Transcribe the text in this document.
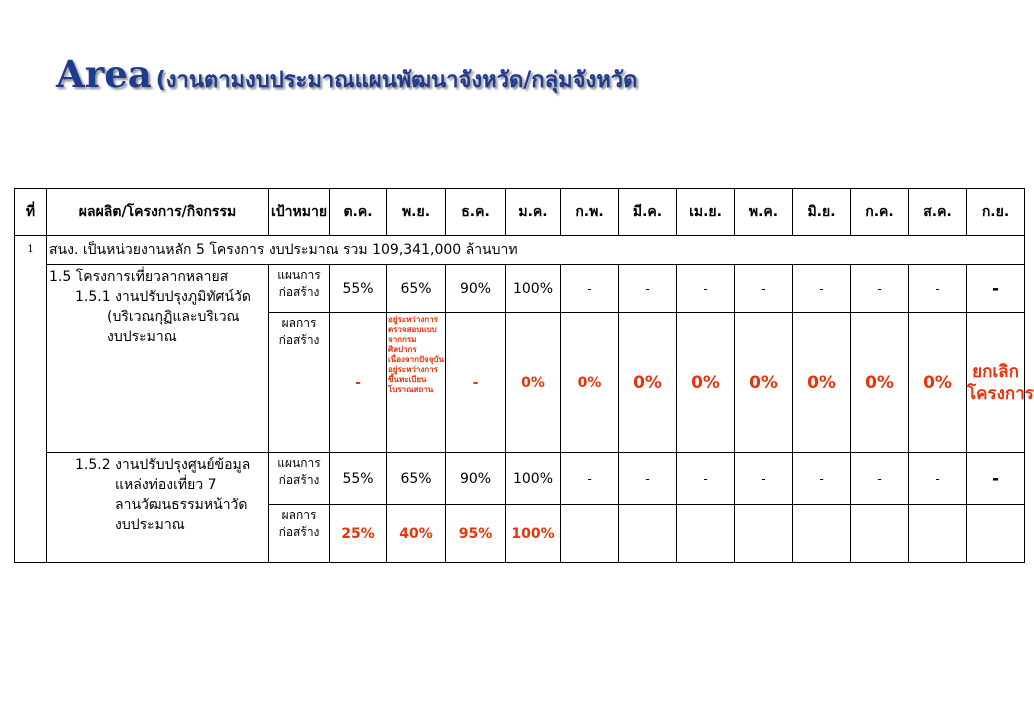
Area (งานตามงบประมาณแผนพัฒนาจังหวัด/กลุ่มจังหวัด
ที่	ผลผลิต/โครงการ/กิจกรรม	เป้าหมาย	ต.ค.	พ.ย.	ธ.ค.	ม.ค.	ก.พ.	มี.ค.	เม.ย.	พ.ค.	มิ.ย.	ก.ค.	ส.ค.	ก.ย.
1	สนง. เป็นหน่วยงานหลัก 5 โครงการ งบประมาณ รวม 109,341,000 ล้านบาท													

	1.5 โครงการเที่ยวลากหลายส
1.5.1 งานปรับปรุงภูมิทัศน์วัด
(บริเวณกุฏิและบริเวณ
งบประมาณ	แผนการก่อสร้าง	55%	65%	90%	100%	-	-	-	-	-	-	-	-
		ผลการก่อสร้าง	-	อยู่ระหว่างการตรวจสอบแบบจากกรมศิลปากร เนื่องจากปัจจุบันอยู่ระหว่างการขึ้นทะเบียนโบราณสถาน	-	0%	0%	0%	0%	0%	0%	0%	0%	ยกเลิกโครงการ

	1.5.2 งานปรับปรุงศูนย์ข้อมูล
แหล่งท่องเที่ยว 7
ลานวัฒนธรรมหน้าวัด
งบประมาณ	แผนการก่อสร้าง	55%	65%	90%	100%	-	-	-	-	-	-	-	-
		ผลการก่อสร้าง	25%	40%	95%	100%								
